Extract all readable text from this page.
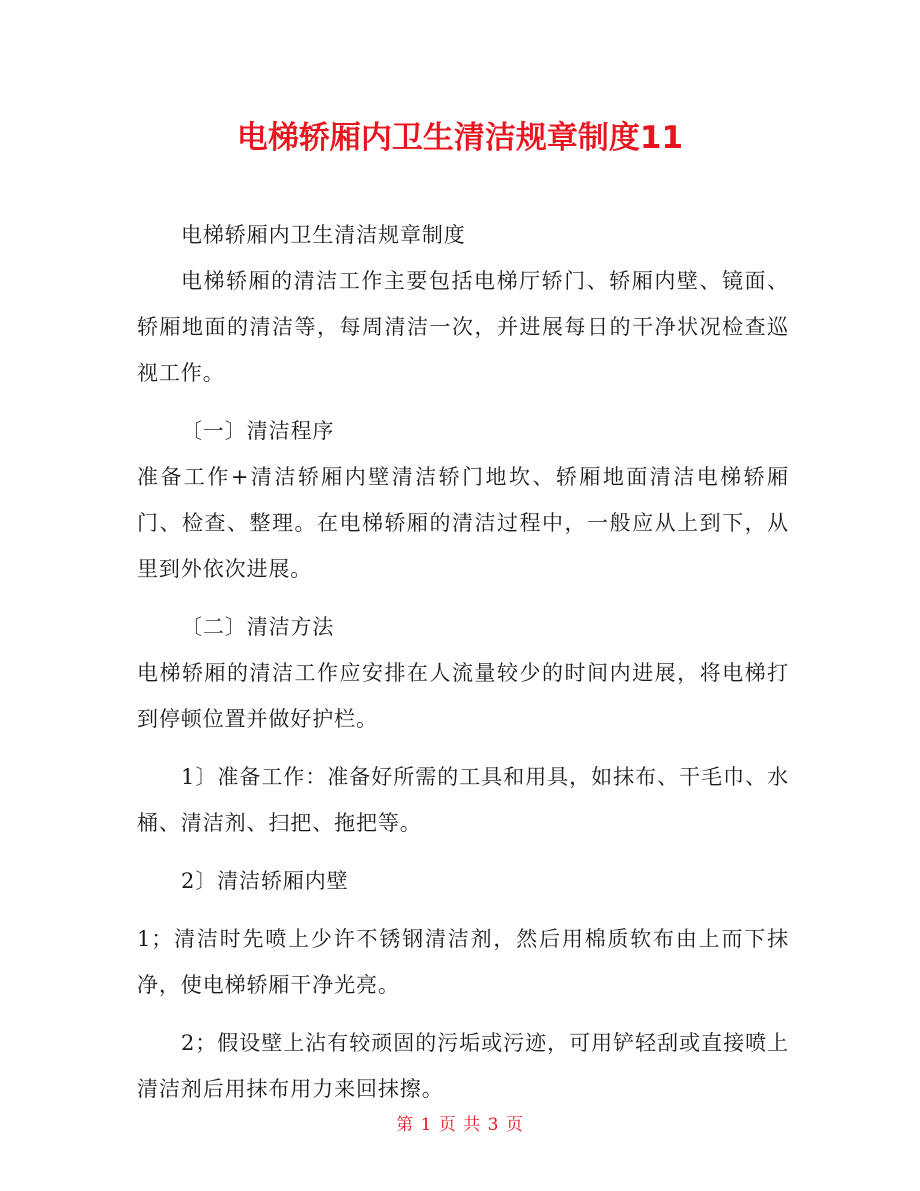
电梯轿厢内卫生清洁规章制度11

电梯轿厢内卫生清洁规章制度

电梯轿厢的清洁工作主要包括电梯厅轿门、轿厢内壁、镜面、轿厢地面的清洁等，每周清洁一次，并进展每日的干净状况检查巡视工作。

〔一〕清洁程序

准备工作+清洁轿厢内壁清洁轿门地坎、轿厢地面清洁电梯轿厢门、检查、整理。在电梯轿厢的清洁过程中，一般应从上到下，从里到外依次进展。

〔二〕清洁方法

电梯轿厢的清洁工作应安排在人流量较少的时间内进展，将电梯打到停顿位置并做好护栏。

1〕准备工作：准备好所需的工具和用具，如抹布、干毛巾、水桶、清洁剂、扫把、拖把等。

2〕清洁轿厢内壁

1；清洁时先喷上少许不锈钢清洁剂，然后用棉质软布由上而下抹净，使电梯轿厢干净光亮。

2；假设壁上沾有较顽固的污垢或污迹，可用铲轻刮或直接喷上清洁剂后用抹布用力来回抹擦。

第 1 页 共 3 页
